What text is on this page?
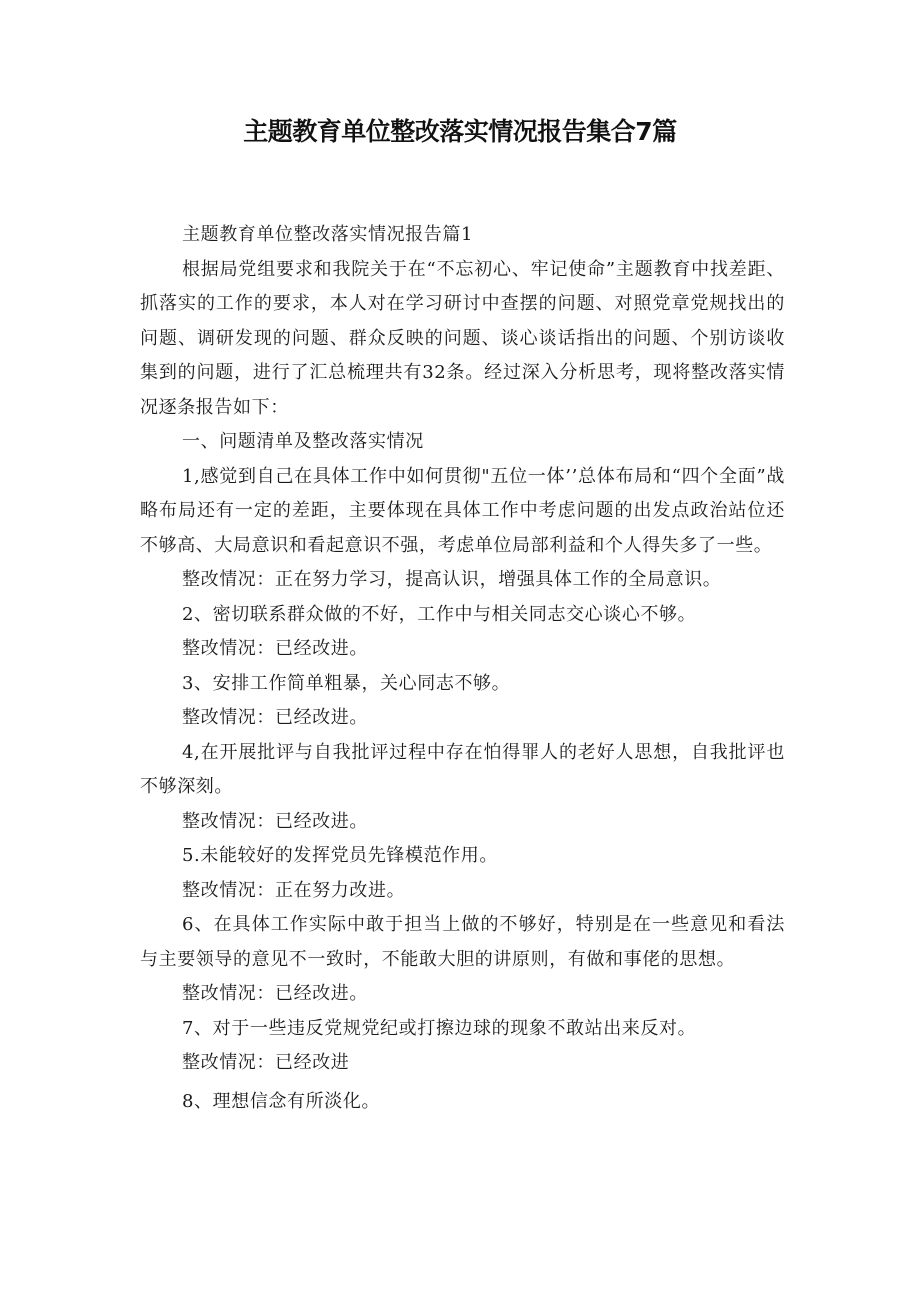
主题教育单位整改落实情况报告集合7篇

主题教育单位整改落实情况报告篇1

根据局党组要求和我院关于在“不忘初心、牢记使命”主题教育中找差距、抓落实的工作的要求，本人对在学习研讨中查摆的问题、对照党章党规找出的问题、调研发现的问题、群众反映的问题、谈心谈话指出的问题、个别访谈收集到的问题，进行了汇总梳理共有32条。经过深入分析思考，现将整改落实情况逐条报告如下：

一、问题清单及整改落实情况

1,感觉到自己在具体工作中如何贯彻"五位一体’’总体布局和“四个全面”战略布局还有一定的差距，主要体现在具体工作中考虑问题的出发点政治站位还不够高、大局意识和看起意识不强，考虑单位局部利益和个人得失多了一些。

整改情况：正在努力学习，提高认识，增强具体工作的全局意识。

2、密切联系群众做的不好，工作中与相关同志交心谈心不够。

整改情况：已经改进。

3、安排工作简单粗暴，关心同志不够。

整改情况：已经改进。

4,在开展批评与自我批评过程中存在怕得罪人的老好人思想，自我批评也不够深刻。

整改情况：已经改进。

5.未能较好的发挥党员先锋模范作用。

整改情况：正在努力改进。

6、在具体工作实际中敢于担当上做的不够好，特别是在一些意见和看法与主要领导的意见不一致时，不能敢大胆的讲原则，有做和事佬的思想。

整改情况：已经改进。

7、对于一些违反党规党纪或打擦边球的现象不敢站出来反对。

整改情况：已经改进

8、理想信念有所淡化。
